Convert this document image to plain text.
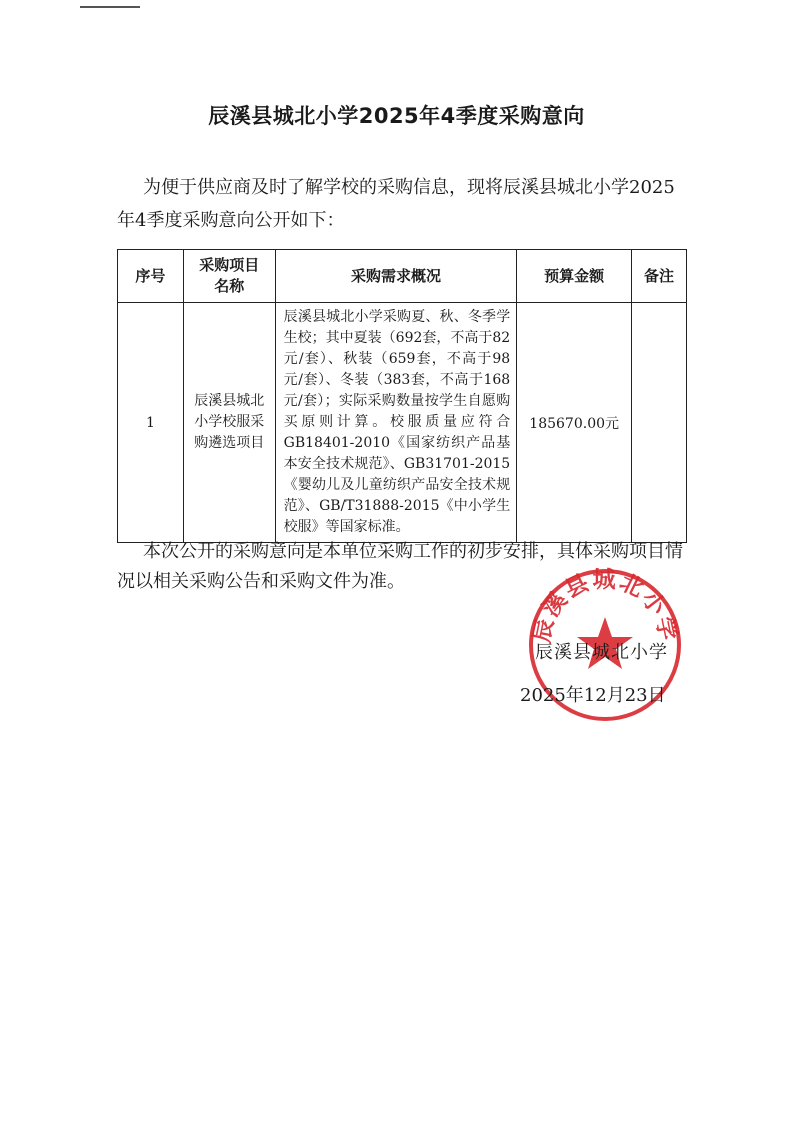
辰溪县城北小学2025年4季度采购意向
为便于供应商及时了解学校的采购信息，现将辰溪县城北小学2025年4季度采购意向公开如下：
序号	采购项目名称	采购需求概况	预算金额	备注
1	辰溪县城北小学校服采购遴选项目	辰溪县城北小学采购夏、秋、冬季学生校；其中夏装（692套，不高于82元/套）、秋装（659套，不高于98元/套）、冬装（383套，不高于168元/套）；实际采购数量按学生自愿购买原则计算。校服质量应符合GB18401-2010《国家纺织产品基本安全技术规范》、GB31701-2015《婴幼儿及儿童纺织产品安全技术规范》、GB/T31888-2015《中小学生校服》等国家标准。	185670.00元	
本次公开的采购意向是本单位采购工作的初步安排，具体采购项目情况以相关采购公告和采购文件为准。
辰溪县城北小学
辰溪县城北小学
2025年12月23日
